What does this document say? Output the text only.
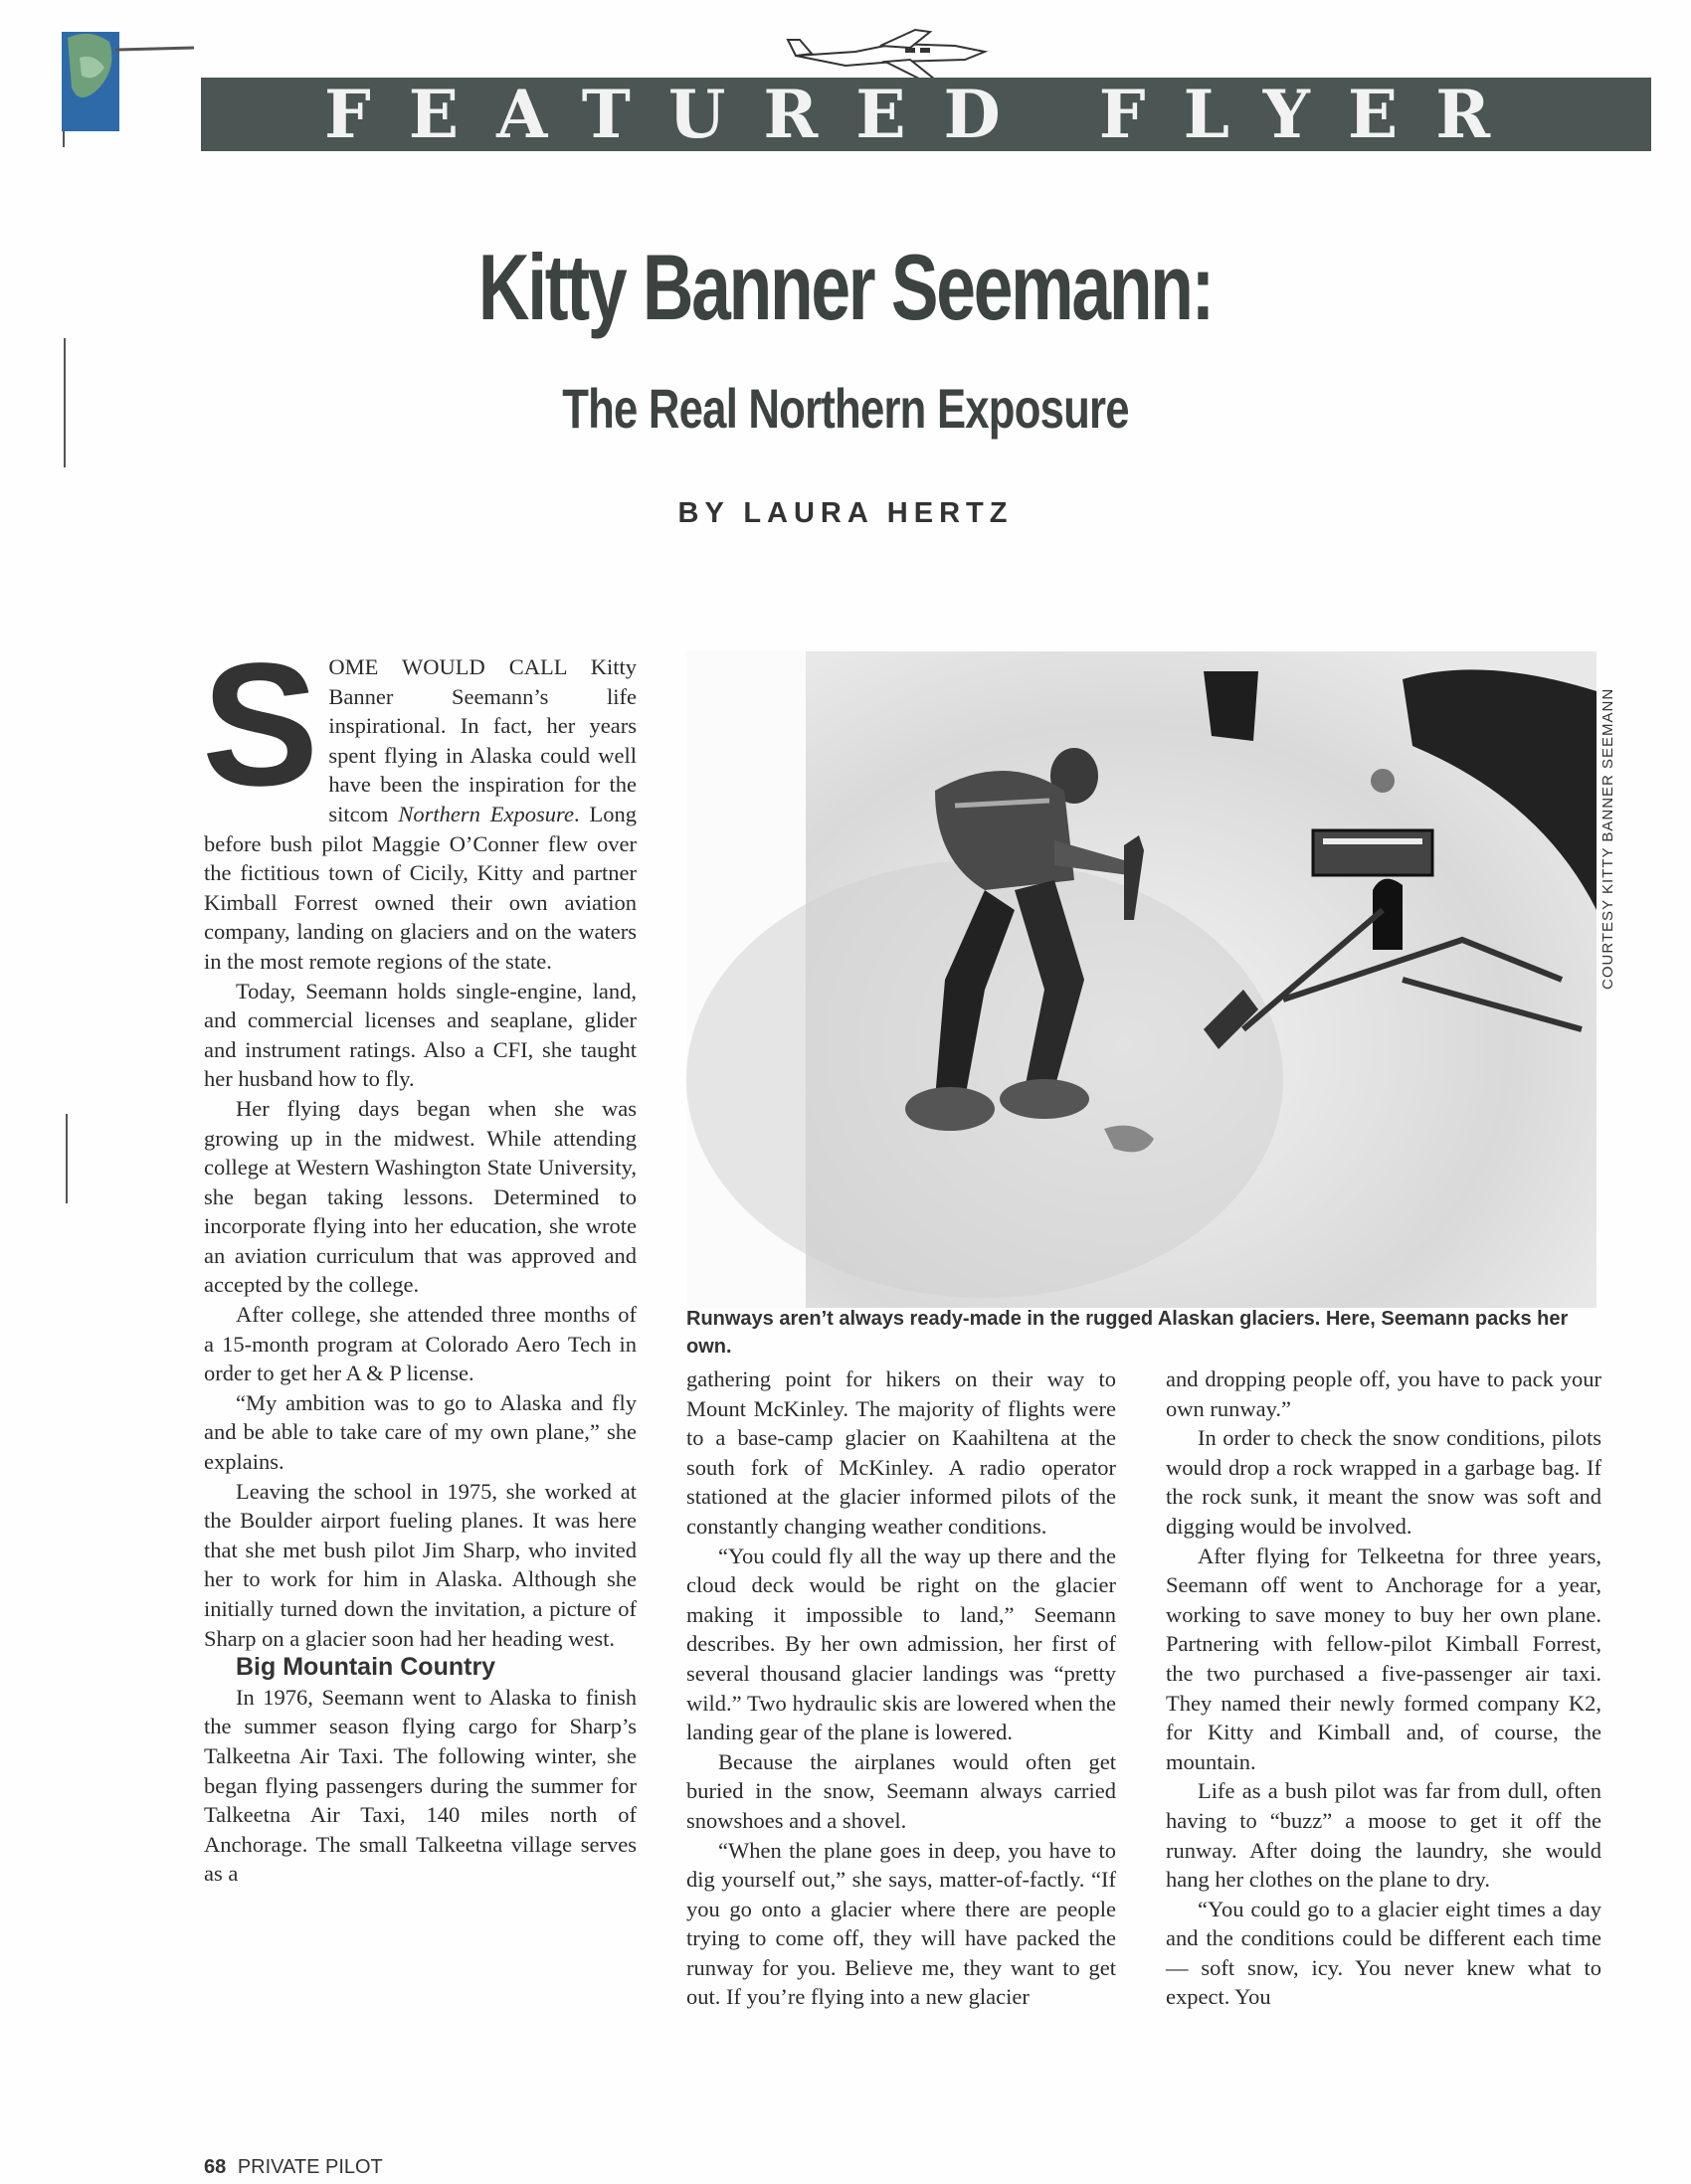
FEATURED FLYER
Kitty Banner Seemann:
The Real Northern Exposure
BY LAURA HERTZ

SOME WOULD CALL Kitty Banner Seemann’s life inspirational. In fact, her years spent flying in Alaska could well have been the inspiration for the sitcom Northern Exposure. Long before bush pilot Maggie O’Conner flew over the fictitious town of Cicily, Kitty and partner Kimball Forrest owned their own aviation company, landing on glaciers and on the waters in the most remote regions of the state.

Today, Seemann holds single-engine, land, and commercial licenses and seaplane, glider and instrument ratings. Also a CFI, she taught her husband how to fly.

Her flying days began when she was growing up in the midwest. While attending college at Western Washington State University, she began taking lessons. Determined to incorporate flying into her education, she wrote an aviation curriculum that was approved and accepted by the college.

After college, she attended three months of a 15-month program at Colorado Aero Tech in order to get her A & P license.

“My ambition was to go to Alaska and fly and be able to take care of my own plane,” she explains.

Leaving the school in 1975, she worked at the Boulder airport fueling planes. It was here that she met bush pilot Jim Sharp, who invited her to work for him in Alaska. Although she initially turned down the invitation, a picture of Sharp on a glacier soon had her heading west.

Big Mountain Country

In 1976, Seemann went to Alaska to finish the summer season flying cargo for Sharp’s Talkeetna Air Taxi. The following winter, she began flying passengers during the summer for Talkeetna Air Taxi, 140 miles north of Anchorage. The small Talkeetna village serves as a

COURTESY KITTY BANNER SEEMANN
Runways aren’t always ready-made in the rugged Alaskan glaciers. Here, Seemann packs her own.

gathering point for hikers on their way to Mount McKinley. The majority of flights were to a base-camp glacier on Kaahiltena at the south fork of McKinley. A radio operator stationed at the glacier informed pilots of the constantly changing weather conditions.

“You could fly all the way up there and the cloud deck would be right on the glacier making it impossible to land,” Seemann describes. By her own admission, her first of several thousand glacier landings was “pretty wild.” Two hydraulic skis are lowered when the landing gear of the plane is lowered.

Because the airplanes would often get buried in the snow, Seemann always carried snowshoes and a shovel.

“When the plane goes in deep, you have to dig yourself out,” she says, matter-of-factly. “If you go onto a glacier where there are people trying to come off, they will have packed the runway for you. Believe me, they want to get out. If you’re flying into a new glacier

and dropping people off, you have to pack your own runway.”

In order to check the snow conditions, pilots would drop a rock wrapped in a garbage bag. If the rock sunk, it meant the snow was soft and digging would be involved.

After flying for Telkeetna for three years, Seemann off went to Anchorage for a year, working to save money to buy her own plane. Partnering with fellow-pilot Kimball Forrest, the two purchased a five-passenger air taxi. They named their newly formed company K2, for Kitty and Kimball and, of course, the mountain.

Life as a bush pilot was far from dull, often having to “buzz” a moose to get it off the runway. After doing the laundry, she would hang her clothes on the plane to dry.

“You could go to a glacier eight times a day and the conditions could be different each time — soft snow, icy. You never knew what to expect. You

68 PRIVATE PILOT
